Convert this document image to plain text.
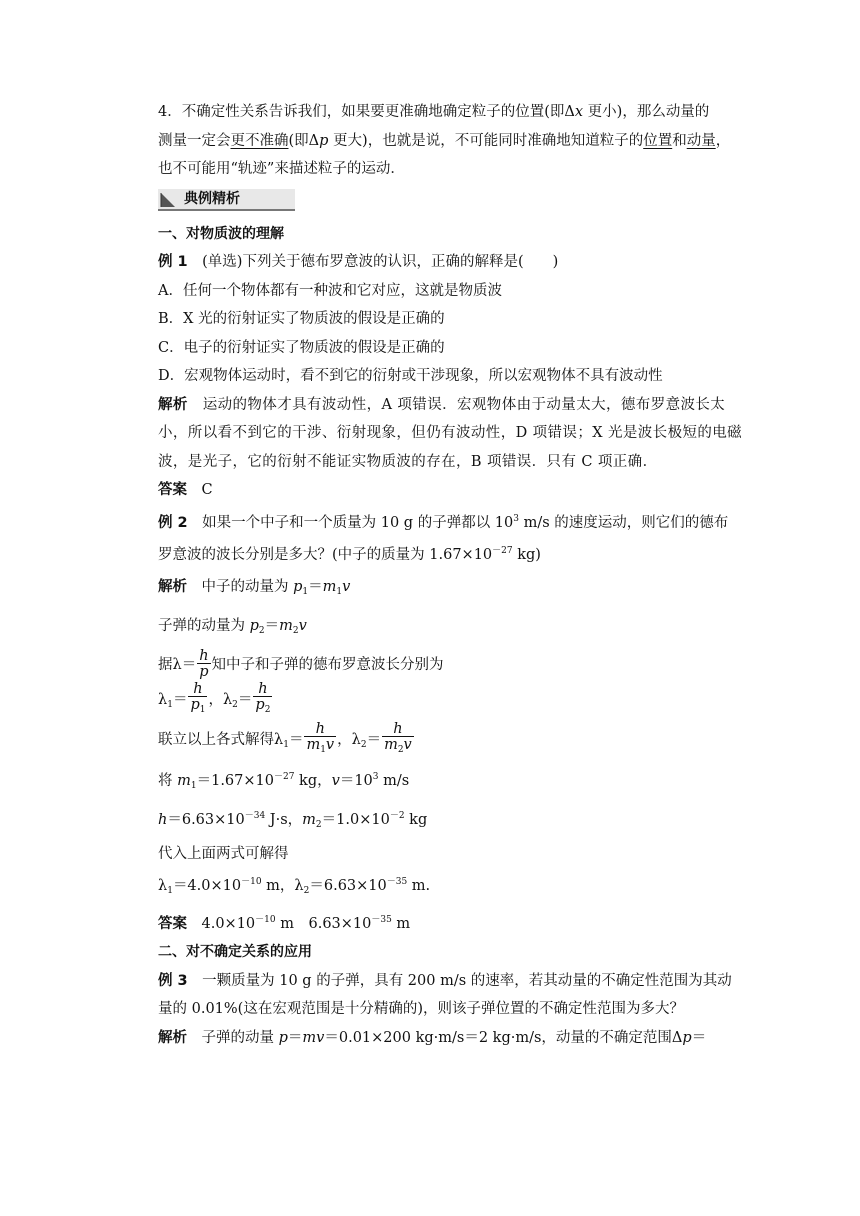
4．不确定性关系告诉我们，如果要更准确地确定粒子的位置(即Δx 更小)，那么动量的

测量一定会更不准确(即Δp 更大)，也就是说，不可能同时准确地知道粒子的位置和动量，

也不可能用“轨迹”来描述粒子的运动．

典例精析

一、对物质波的理解

例 1　(单选)下列关于德布罗意波的认识，正确的解释是(　　)

A．任何一个物体都有一种波和它对应，这就是物质波

B．X 光的衍射证实了物质波的假设是正确的

C．电子的衍射证实了物质波的假设是正确的

D．宏观物体运动时，看不到它的衍射或干涉现象，所以宏观物体不具有波动性

解析　运动的物体才具有波动性，A 项错误．宏观物体由于动量太大，德布罗意波长太

小，所以看不到它的干涉、衍射现象，但仍有波动性，D 项错误；X 光是波长极短的电磁

波，是光子，它的衍射不能证实物质波的存在，B 项错误．只有 C 项正确．

答案　C

例 2　如果一个中子和一个质量为 10 g 的子弹都以 $10^3$ m/s 的速度运动，则它们的德布

罗意波的波长分别是多大？(中子的质量为 $1.67\times 10^{-27}$ kg)

解析　中子的动量为 $p_1=m_1v$

子弹的动量为 $p_2=m_2v$

据$\lambda= \frac{h}{p}$ 知中子和子弹的德布罗意波长分别为

$\lambda_1= \frac{h}{p_1}$ ，$\lambda_2= \frac{h}{p_2}$

联立以上各式解得$\lambda_1= \frac{h}{m_1v}$ ，$\lambda_2= \frac{h}{m_2v}$

将 $m_1=1.67\times 10^{-27}$ kg，$v=10^3$ m/s

$h=6.63\times 10^{-34}$ J·s，$m_2=1.0\times 10^{-2}$ kg

代入上面两式可解得

$\lambda_1=4.0\times 10^{-10}$ m，$\lambda_2=6.63\times 10^{-35}$ m.

答案　$4.0\times 10^{-10}$ m　$6.63\times 10^{-35}$ m

二、对不确定关系的应用

例 3　一颗质量为 10 g 的子弹，具有 200 m/s 的速率，若其动量的不确定性范围为其动

量的 0.01%(这在宏观范围是十分精确的)，则该子弹位置的不确定性范围为多大？

解析　子弹的动量 p＝mv＝0.01×200 kg·m/s＝2 kg·m/s，动量的不确定范围Δp＝
